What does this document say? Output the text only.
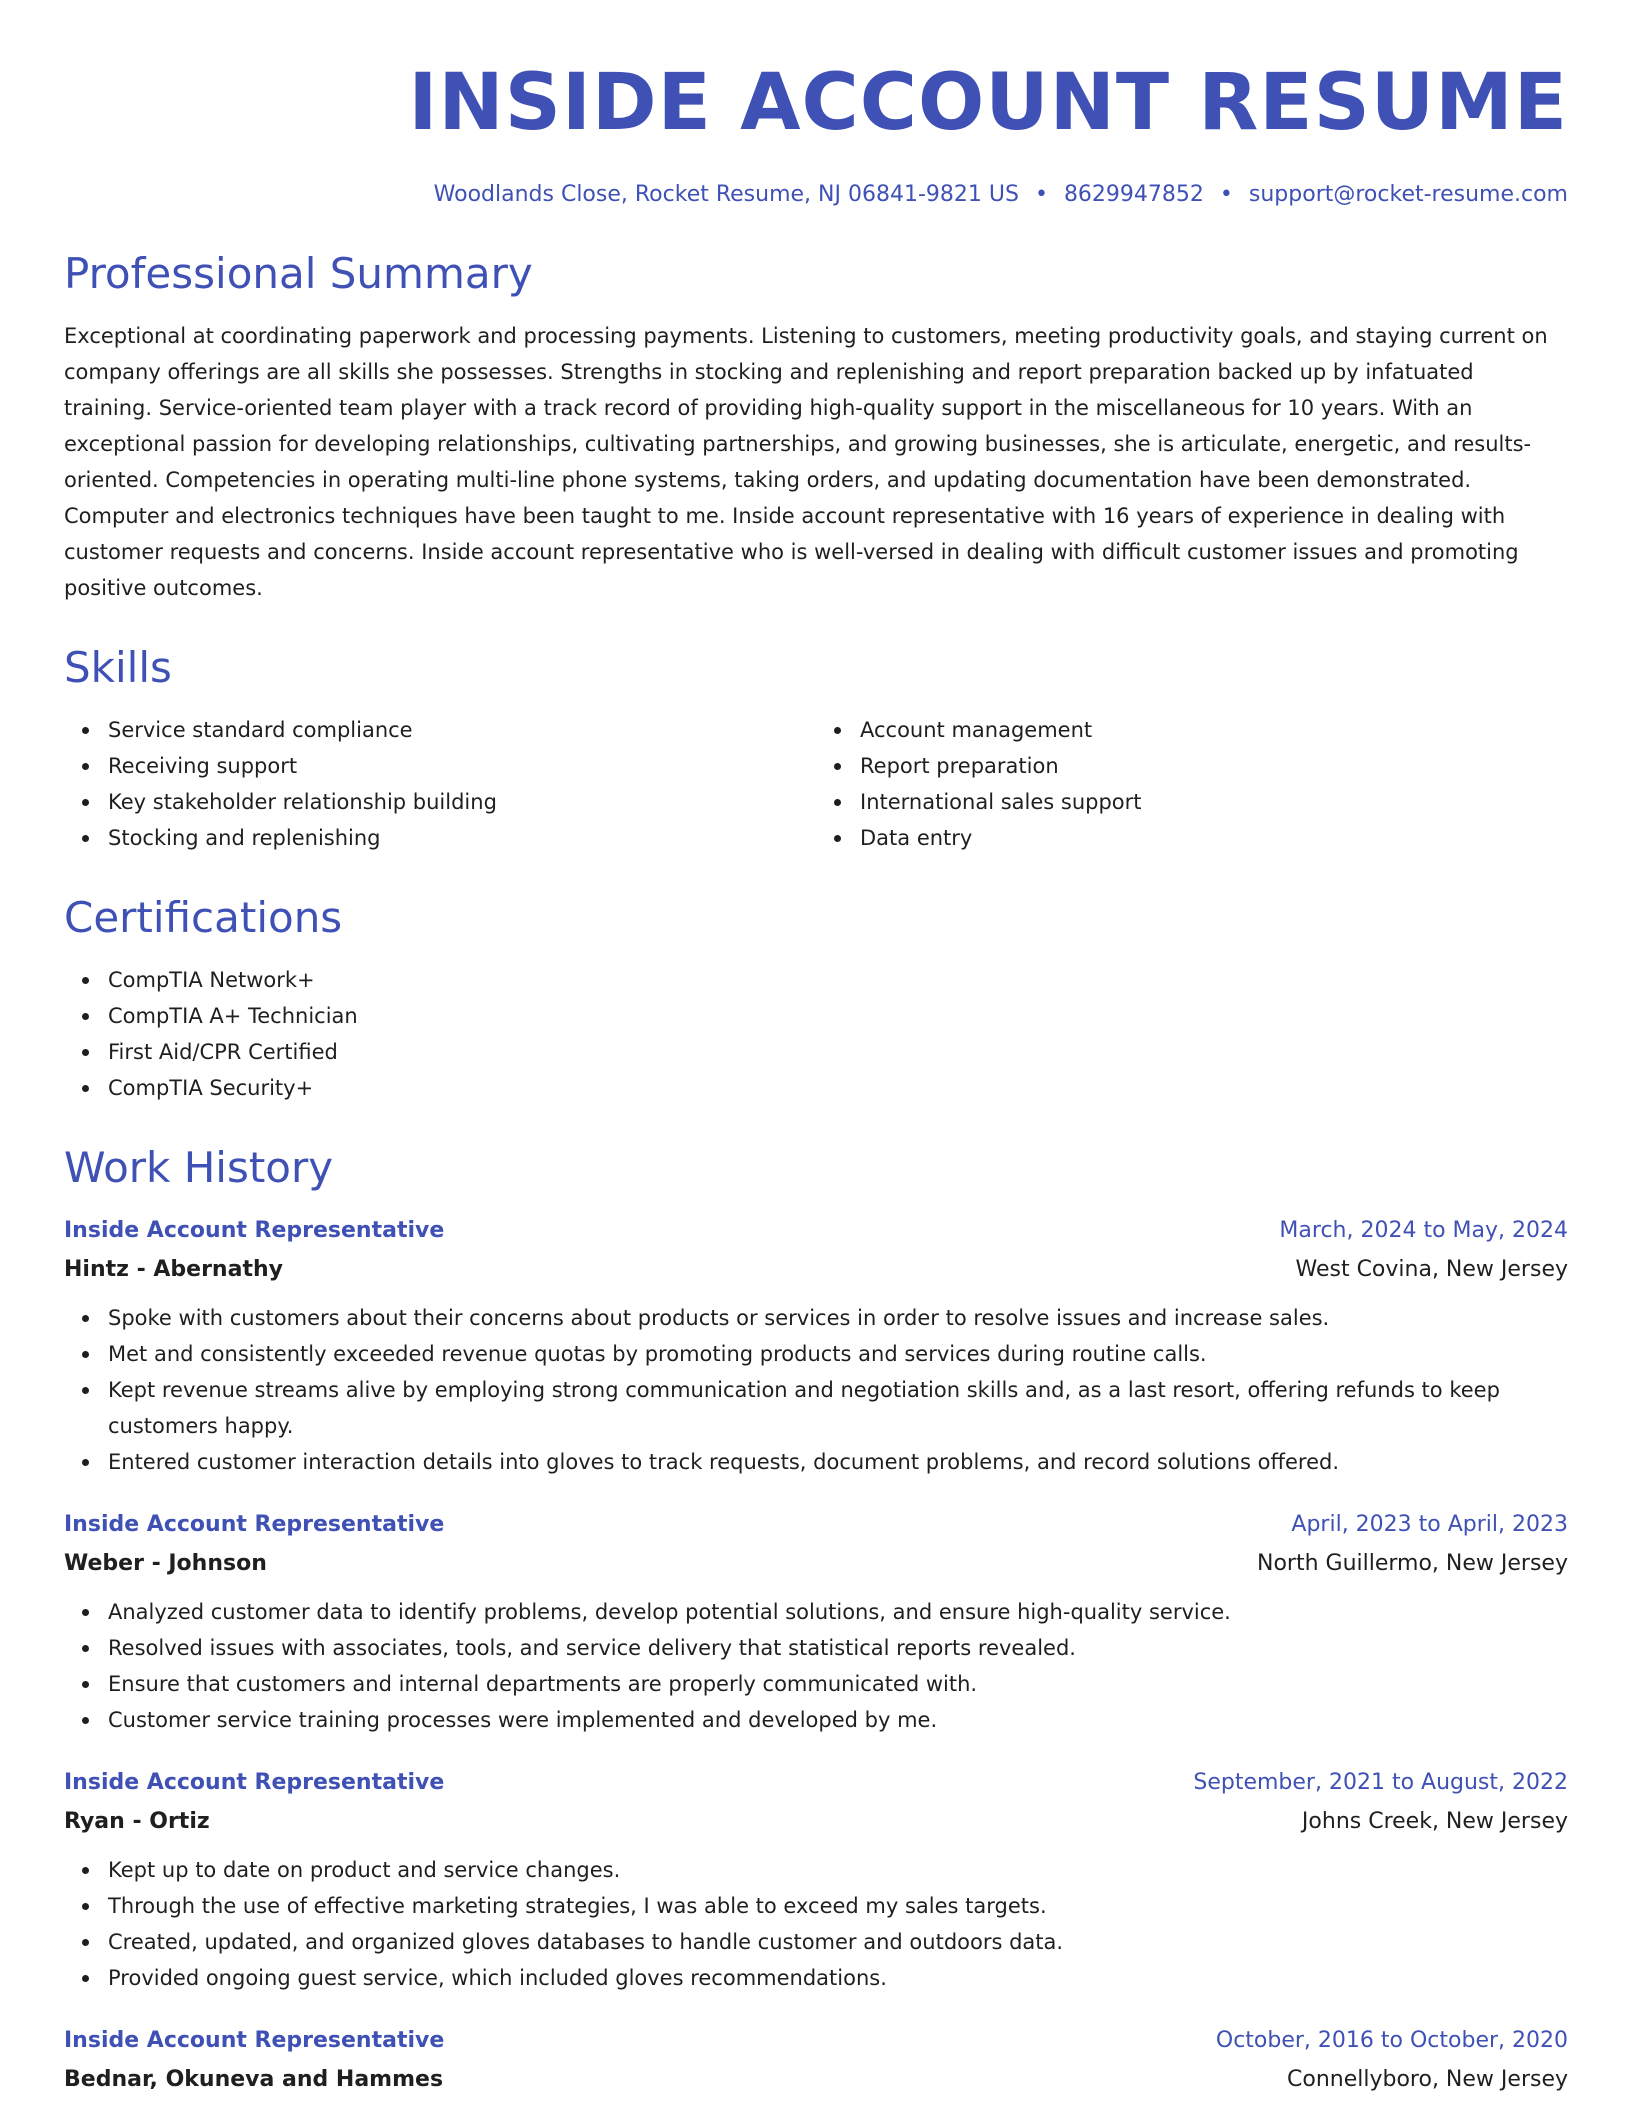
INSIDE ACCOUNT RESUME
Woodlands Close, Rocket Resume, NJ 06841-9821 US • 8629947852 • support@rocket-resume.com
Professional Summary

Exceptional at coordinating paperwork and processing payments. Listening to customers, meeting productivity goals, and staying current on company offerings are all skills she possesses. Strengths in stocking and replenishing and report preparation backed up by infatuated training. Service-oriented team player with a track record of providing high-quality support in the miscellaneous for 10 years. With an exceptional passion for developing relationships, cultivating partnerships, and growing businesses, she is articulate, energetic, and results-oriented. Competencies in operating multi-line phone systems, taking orders, and updating documentation have been demonstrated. Computer and electronics techniques have been taught to me. Inside account representative with 16 years of experience in dealing with customer requests and concerns. Inside account representative who is well-versed in dealing with difficult customer issues and promoting positive outcomes.

Skills
Service standard compliance
Receiving support
Key stakeholder relationship building
Stocking and replenishing
Account management
Report preparation
International sales support
Data entry
Certifications
CompTIA Network+
CompTIA A+ Technician
First Aid/CPR Certified
CompTIA Security+
Work History
Inside Account Representative	March, 2024 to May, 2024
Hintz - Abernathy	West Covina, New Jersey
Spoke with customers about their concerns about products or services in order to resolve issues and increase sales.
Met and consistently exceeded revenue quotas by promoting products and services during routine calls.
Kept revenue streams alive by employing strong communication and negotiation skills and, as a last resort, offering refunds to keep customers happy.
Entered customer interaction details into gloves to track requests, document problems, and record solutions offered.
Inside Account Representative	April, 2023 to April, 2023
Weber - Johnson	North Guillermo, New Jersey
Analyzed customer data to identify problems, develop potential solutions, and ensure high-quality service.
Resolved issues with associates, tools, and service delivery that statistical reports revealed.
Ensure that customers and internal departments are properly communicated with.
Customer service training processes were implemented and developed by me.
Inside Account Representative	September, 2021 to August, 2022
Ryan - Ortiz	Johns Creek, New Jersey
Kept up to date on product and service changes.
Through the use of effective marketing strategies, I was able to exceed my sales targets.
Created, updated, and organized gloves databases to handle customer and outdoors data.
Provided ongoing guest service, which included gloves recommendations.
Inside Account Representative	October, 2016 to October, 2020
Bednar, Okuneva and Hammes	Connellyboro, New Jersey
